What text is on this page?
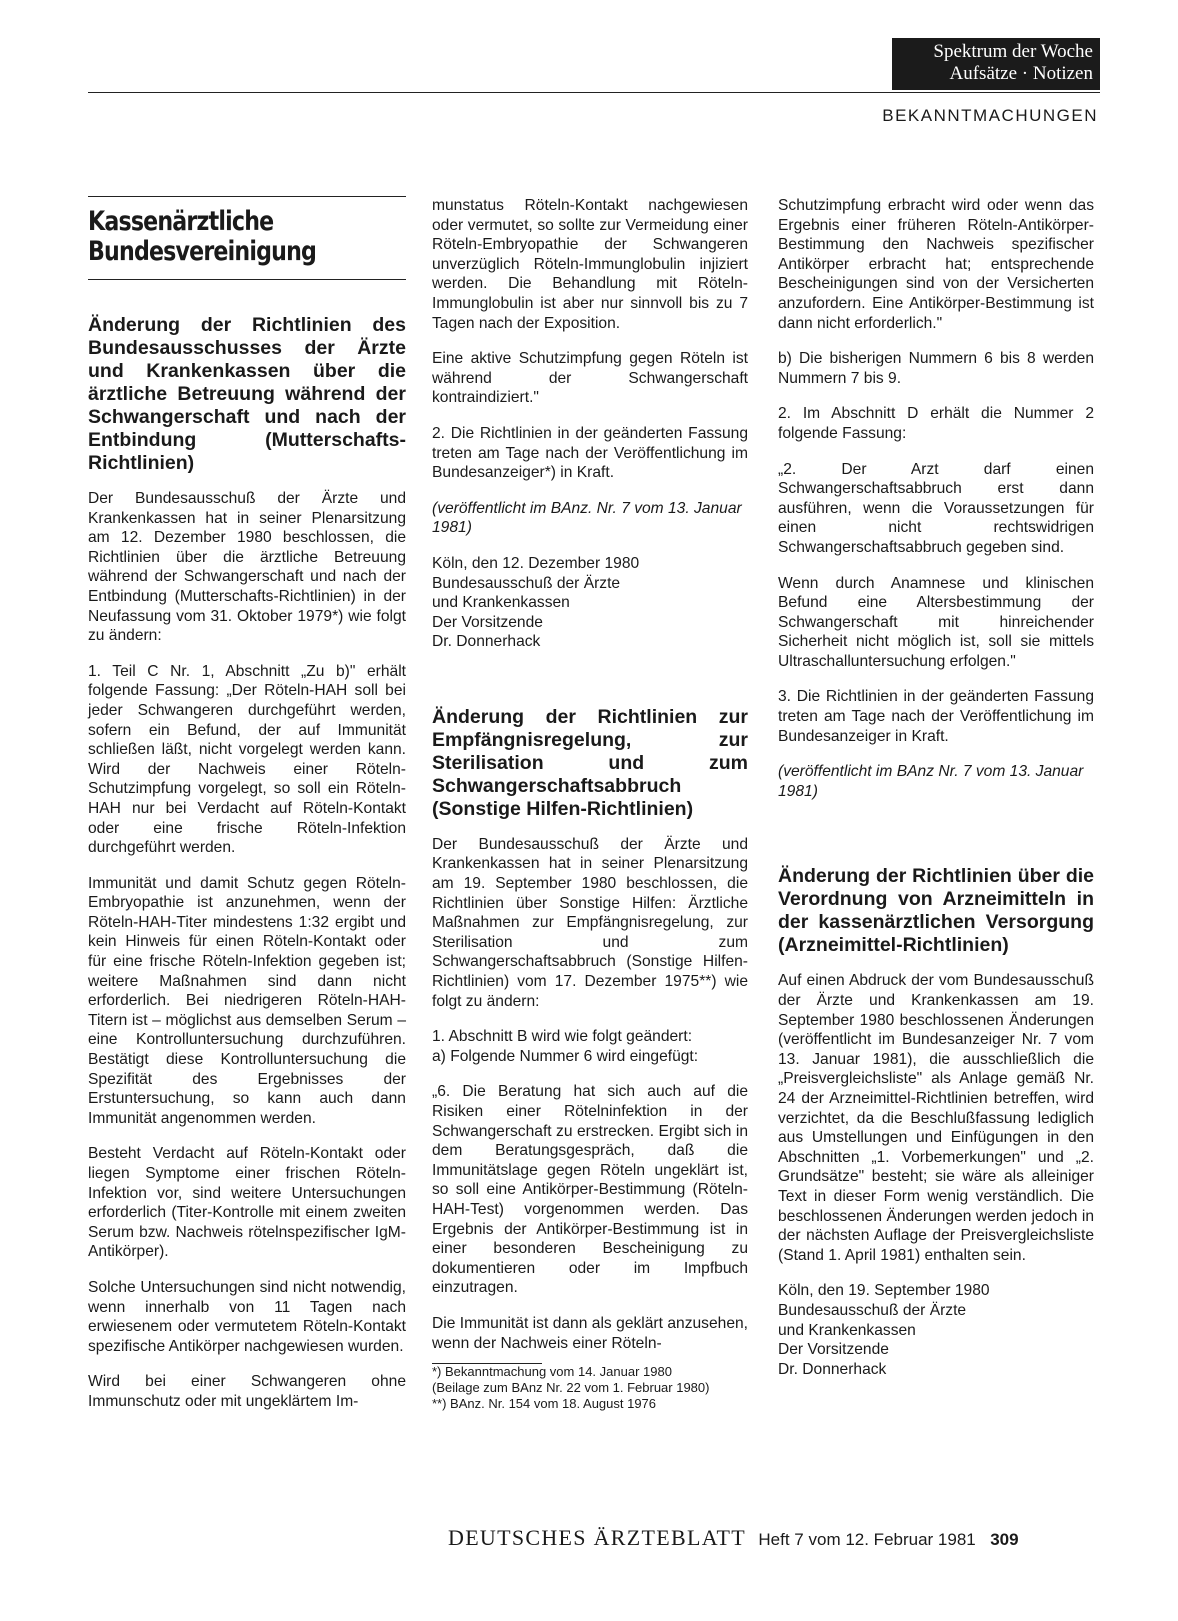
Spektrum der Woche
Aufsätze · Notizen
BEKANNTMACHUNGEN
Kassenärztliche
Bundesvereinigung
Änderung der Richtlinien des Bundesausschusses der Ärzte und Krankenkassen über die ärztliche Betreuung während der Schwangerschaft und nach der Entbindung (Mutterschafts-Richtlinien)

Der Bundesausschuß der Ärzte und Krankenkassen hat in seiner Plenarsitzung am 12. Dezember 1980 beschlossen, die Richtlinien über die ärztliche Betreuung während der Schwangerschaft und nach der Entbindung (Mutterschafts-Richtlinien) in der Neufassung vom 31. Oktober 1979*) wie folgt zu ändern:

1. Teil C Nr. 1, Abschnitt „Zu b)" erhält folgende Fassung: „Der Röteln-HAH soll bei jeder Schwangeren durchgeführt werden, sofern ein Befund, der auf Immunität schließen läßt, nicht vorgelegt werden kann. Wird der Nachweis einer Röteln-Schutzimpfung vorgelegt, so soll ein Röteln-HAH nur bei Verdacht auf Röteln-Kontakt oder eine frische Röteln-Infektion durchgeführt werden.

Immunität und damit Schutz gegen Röteln-Embryopathie ist anzunehmen, wenn der Röteln-HAH-Titer mindestens 1:32 ergibt und kein Hinweis für einen Röteln-Kontakt oder für eine frische Röteln-Infektion gegeben ist; weitere Maßnahmen sind dann nicht erforderlich. Bei niedrigeren Röteln-HAH-Titern ist – möglichst aus demselben Serum – eine Kontrolluntersuchung durchzuführen. Bestätigt diese Kontrolluntersuchung die Spezifität des Ergebnisses der Erstuntersuchung, so kann auch dann Immunität angenommen werden.

Besteht Verdacht auf Röteln-Kontakt oder liegen Symptome einer frischen Röteln-Infektion vor, sind weitere Untersuchungen erforderlich (Titer-Kontrolle mit einem zweiten Serum bzw. Nachweis rötelnspezifischer IgM-Antikörper).

Solche Untersuchungen sind nicht notwendig, wenn innerhalb von 11 Tagen nach erwiesenem oder vermutetem Röteln-Kontakt spezifische Antikörper nachgewiesen wurden.

Wird bei einer Schwangeren ohne Immunschutz oder mit ungeklärtem Im-

munstatus Röteln-Kontakt nachgewiesen oder vermutet, so sollte zur Vermeidung einer Röteln-Embryopathie der Schwangeren unverzüglich Röteln-Immunglobulin injiziert werden. Die Behandlung mit Röteln-Immunglobulin ist aber nur sinnvoll bis zu 7 Tagen nach der Exposition.

Eine aktive Schutzimpfung gegen Röteln ist während der Schwangerschaft kontraindiziert."

2. Die Richtlinien in der geänderten Fassung treten am Tage nach der Veröffentlichung im Bundesanzeiger*) in Kraft.

(veröffentlicht im BAnz. Nr. 7 vom 13. Januar 1981)

Köln, den 12. Dezember 1980
Bundesausschuß der Ärzte
und Krankenkassen
Der Vorsitzende
Dr. Donnerhack

Änderung der Richtlinien zur Empfängnisregelung, zur Sterilisation und zum Schwangerschaftsabbruch (Sonstige Hilfen-Richtlinien)

Der Bundesausschuß der Ärzte und Krankenkassen hat in seiner Plenarsitzung am 19. September 1980 beschlossen, die Richtlinien über Sonstige Hilfen: Ärztliche Maßnahmen zur Empfängnisregelung, zur Sterilisation und zum Schwangerschaftsabbruch (Sonstige Hilfen-Richtlinien) vom 17. Dezember 1975**) wie folgt zu ändern:

1. Abschnitt B wird wie folgt geändert:
a) Folgende Nummer 6 wird eingefügt:

„6. Die Beratung hat sich auch auf die Risiken einer Rötelninfektion in der Schwangerschaft zu erstrecken. Ergibt sich in dem Beratungsgespräch, daß die Immunitätslage gegen Röteln ungeklärt ist, so soll eine Antikörper-Bestimmung (Röteln-HAH-Test) vorgenommen werden. Das Ergebnis der Antikörper-Bestimmung ist in einer besonderen Bescheinigung zu dokumentieren oder im Impfbuch einzutragen.

Die Immunität ist dann als geklärt anzusehen, wenn der Nachweis einer Röteln-

*) Bekanntmachung vom 14. Januar 1980

(Beilage zum BAnz Nr. 22 vom 1. Februar 1980)

**) BAnz. Nr. 154 vom 18. August 1976

Schutzimpfung erbracht wird oder wenn das Ergebnis einer früheren Röteln-Antikörper-Bestimmung den Nachweis spezifischer Antikörper erbracht hat; entsprechende Bescheinigungen sind von der Versicherten anzufordern. Eine Antikörper-Bestimmung ist dann nicht erforderlich."

b) Die bisherigen Nummern 6 bis 8 werden Nummern 7 bis 9.

2. Im Abschnitt D erhält die Nummer 2 folgende Fassung:

„2. Der Arzt darf einen Schwangerschaftsabbruch erst dann ausführen, wenn die Voraussetzungen für einen nicht rechtswidrigen Schwangerschaftsabbruch gegeben sind.

Wenn durch Anamnese und klinischen Befund eine Altersbestimmung der Schwangerschaft mit hinreichender Sicherheit nicht möglich ist, soll sie mittels Ultraschalluntersuchung erfolgen."

3. Die Richtlinien in der geänderten Fassung treten am Tage nach der Veröffentlichung im Bundesanzeiger in Kraft.

(veröffentlicht im BAnz Nr. 7 vom 13. Januar 1981)

Änderung der Richtlinien über die Verordnung von Arzneimitteln in der kassenärztlichen Versorgung (Arzneimittel-Richtlinien)

Auf einen Abdruck der vom Bundesausschuß der Ärzte und Krankenkassen am 19. September 1980 beschlossenen Änderungen (veröffentlicht im Bundesanzeiger Nr. 7 vom 13. Januar 1981), die ausschließlich die „Preisvergleichsliste" als Anlage gemäß Nr. 24 der Arzneimittel-Richtlinien betreffen, wird verzichtet, da die Beschlußfassung lediglich aus Umstellungen und Einfügungen in den Abschnitten „1. Vorbemerkungen" und „2. Grundsätze" besteht; sie wäre als alleiniger Text in dieser Form wenig verständlich. Die beschlossenen Änderungen werden jedoch in der nächsten Auflage der Preisvergleichsliste (Stand 1. April 1981) enthalten sein.

Köln, den 19. September 1980
Bundesausschuß der Ärzte
und Krankenkassen
Der Vorsitzende
Dr. Donnerhack

DEUTSCHES ÄRZTEBLATT Heft 7 vom 12. Februar 1981 309
